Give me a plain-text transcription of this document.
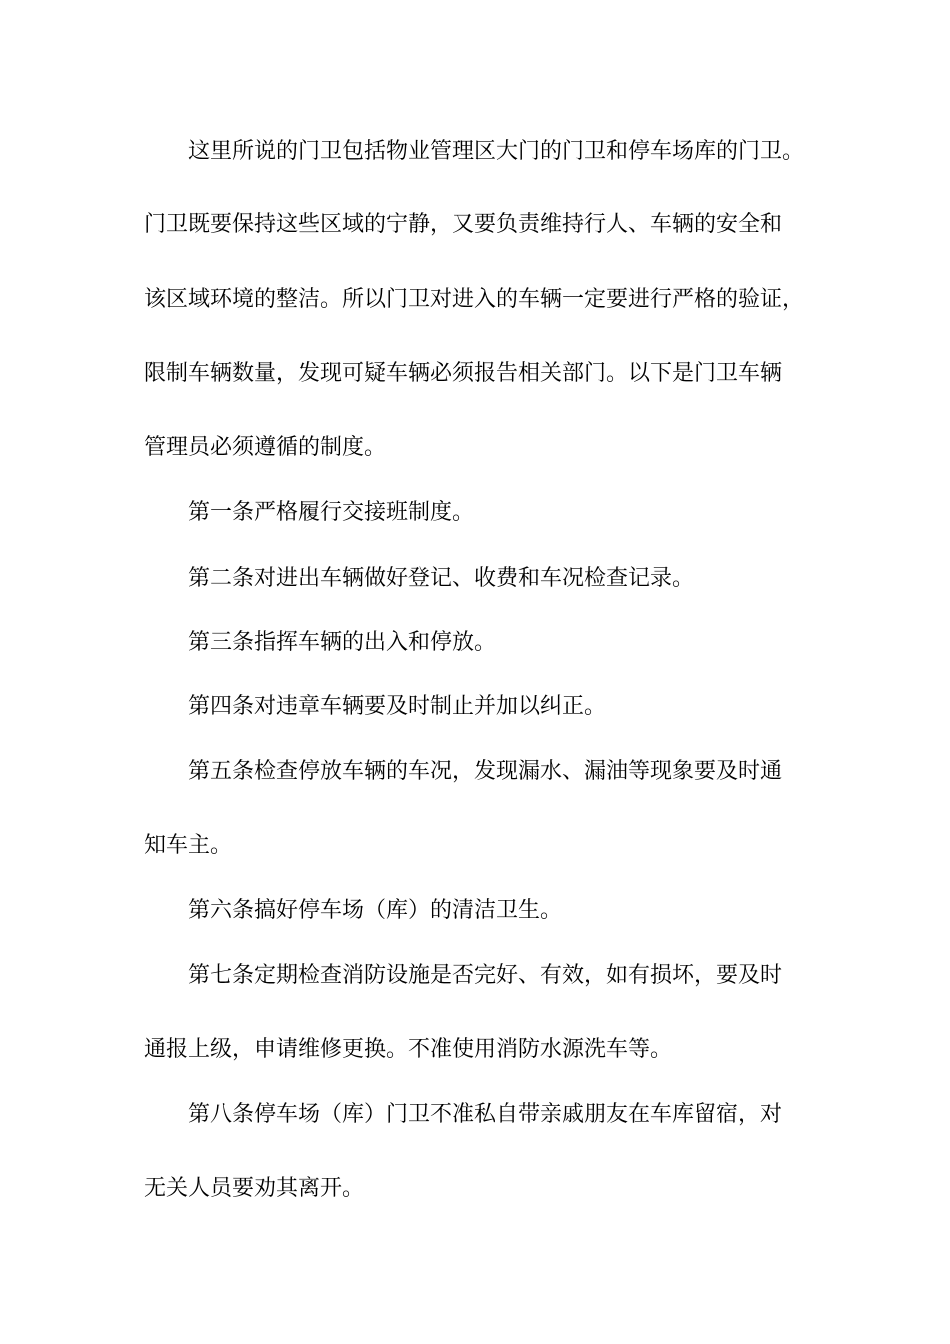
这里所说的门卫包括物业管理区大门的门卫和停车场库的门卫。
门卫既要保持这些区域的宁静，又要负责维持行人、车辆的安全和
该区域环境的整洁。所以门卫对进入的车辆一定要进行严格的验证，
限制车辆数量，发现可疑车辆必须报告相关部门。以下是门卫车辆
管理员必须遵循的制度。
第一条严格履行交接班制度。
第二条对进出车辆做好登记、收费和车况检查记录。
第三条指挥车辆的出入和停放。
第四条对违章车辆要及时制止并加以纠正。
第五条检查停放车辆的车况，发现漏水、漏油等现象要及时通
知车主。
第六条搞好停车场（库）的清洁卫生。
第七条定期检查消防设施是否完好、有效，如有损坏，要及时
通报上级，申请维修更换。不准使用消防水源洗车等。
第八条停车场（库）门卫不准私自带亲戚朋友在车库留宿，对
无关人员要劝其离开。
